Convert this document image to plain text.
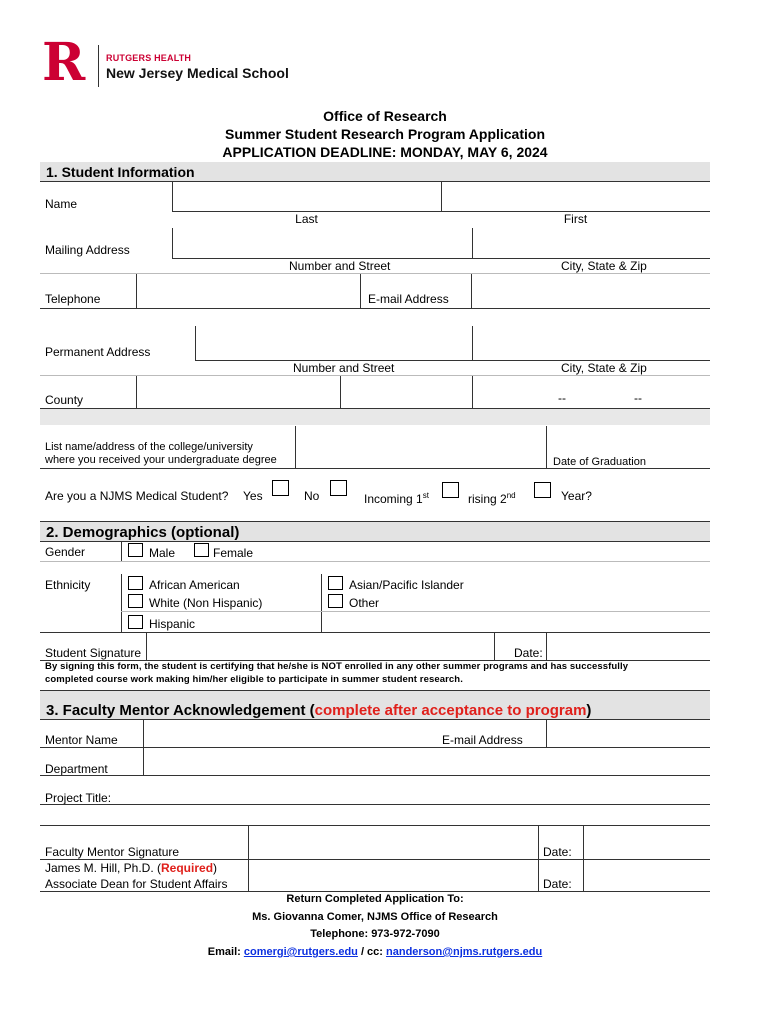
R	RUTGERS HEALTH
New Jersey Medical School
Office of Research
Summer Student Research Program Application
APPLICATION DEADLINE: MONDAY, MAY 6, 2024
1. Student Information
Name
Last	First
Mailing Address
Number and Street	City, State & Zip
Telephone	E-mail Address
Permanent Address
Number and Street	City, State & Zip
County	--	--
List name/address of the college/university
where you received your undergraduate degree	Date of Graduation
Are you a NJMS Medical Student? Yes	No	Incoming 1st	rising 2nd	Year?
2. Demographics (optional)
Gender	Male	Female
Ethnicity	African American
White (Non Hispanic)
Hispanic
Asian/Pacific Islander
Other
Student Signature	Date:
By signing this form, the student is certifying that he/she is NOT enrolled in any other summer programs and has successfully
completed course work making him/her eligible to participate in summer student research.
3. Faculty Mentor Acknowledgement (complete after acceptance to program)
Mentor Name	E-mail Address
Department
Project Title:
Faculty Mentor Signature	Date:
James M. Hill, Ph.D. (Required)
Associate Dean for Student Affairs	Date:
Return Completed Application To:
Ms. Giovanna Comer, NJMS Office of Research
Telephone: 973-972-7090
Email: comergi@rutgers.edu / cc: nanderson@njms.rutgers.edu
